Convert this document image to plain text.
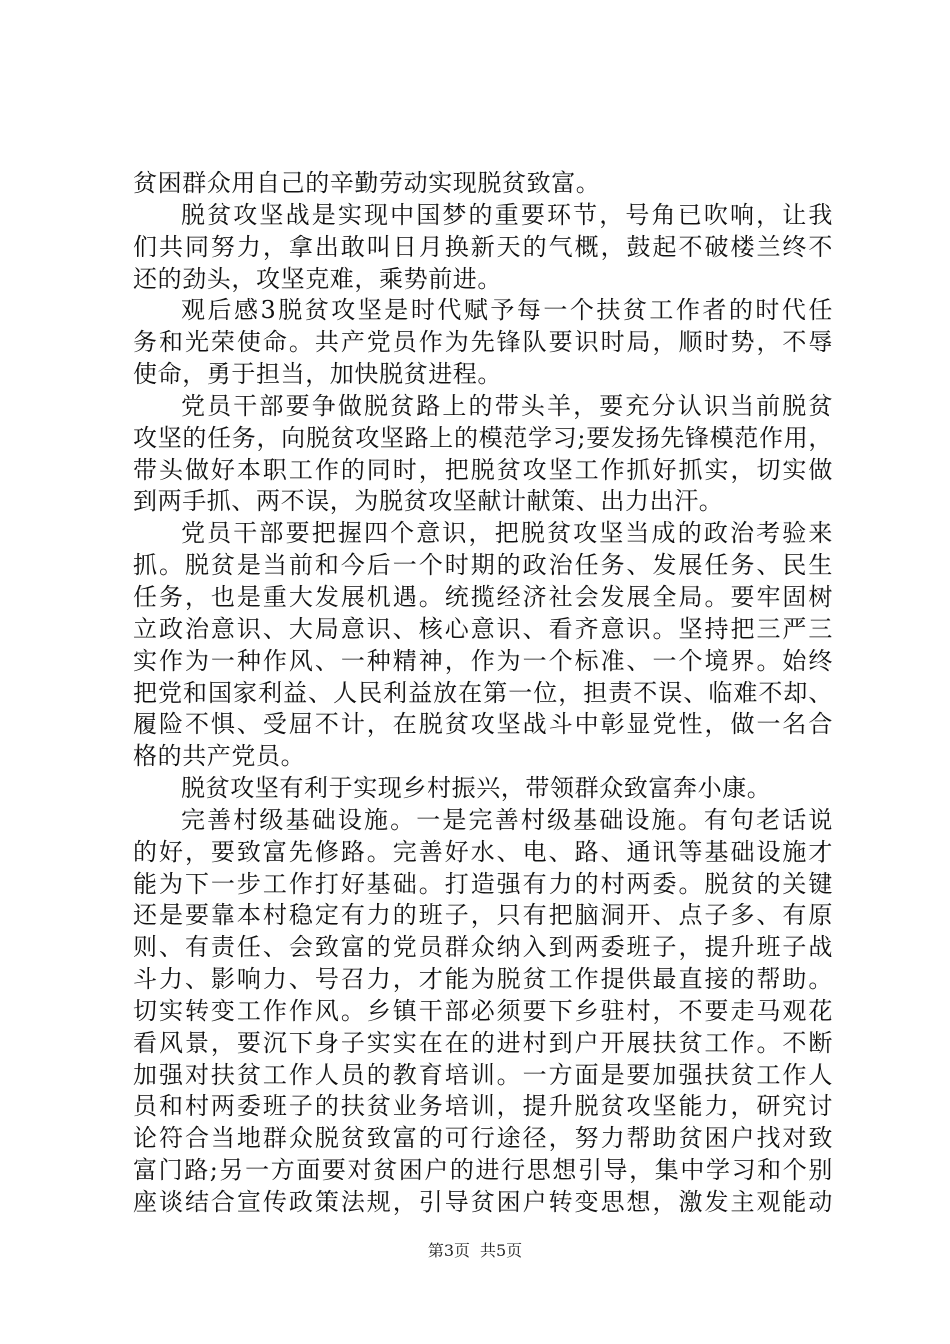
贫困群众用自己的辛勤劳动实现脱贫致富。
脱贫攻坚战是实现中国梦的重要环节，号角已吹响，让我
们共同努力，拿出敢叫日月换新天的气概，鼓起不破楼兰终不
还的劲头，攻坚克难，乘势前进。
观后感3脱贫攻坚是时代赋予每一个扶贫工作者的时代任
务和光荣使命。共产党员作为先锋队要识时局，顺时势，不辱
使命，勇于担当，加快脱贫进程。
党员干部要争做脱贫路上的带头羊，要充分认识当前脱贫
攻坚的任务，向脱贫攻坚路上的模范学习;要发扬先锋模范作用，
带头做好本职工作的同时，把脱贫攻坚工作抓好抓实，切实做
到两手抓、两不误，为脱贫攻坚献计献策、出力出汗。
党员干部要把握四个意识，把脱贫攻坚当成的政治考验来
抓。脱贫是当前和今后一个时期的政治任务、发展任务、民生
任务，也是重大发展机遇。统揽经济社会发展全局。要牢固树
立政治意识、大局意识、核心意识、看齐意识。坚持把三严三
实作为一种作风、一种精神，作为一个标准、一个境界。始终
把党和国家利益、人民利益放在第一位，担责不误、临难不却、
履险不惧、受屈不计，在脱贫攻坚战斗中彰显党性，做一名合
格的共产党员。
脱贫攻坚有利于实现乡村振兴，带领群众致富奔小康。
完善村级基础设施。一是完善村级基础设施。有句老话说
的好，要致富先修路。完善好水、电、路、通讯等基础设施才
能为下一步工作打好基础。打造强有力的村两委。脱贫的关键
还是要靠本村稳定有力的班子，只有把脑洞开、点子多、有原
则、有责任、会致富的党员群众纳入到两委班子，提升班子战
斗力、影响力、号召力，才能为脱贫工作提供最直接的帮助。
切实转变工作作风。乡镇干部必须要下乡驻村，不要走马观花
看风景，要沉下身子实实在在的进村到户开展扶贫工作。不断
加强对扶贫工作人员的教育培训。一方面是要加强扶贫工作人
员和村两委班子的扶贫业务培训，提升脱贫攻坚能力，研究讨
论符合当地群众脱贫致富的可行途径，努力帮助贫困户找对致
富门路;另一方面要对贫困户的进行思想引导，集中学习和个别
座谈结合宣传政策法规，引导贫困户转变思想，激发主观能动
第3页 共5页
